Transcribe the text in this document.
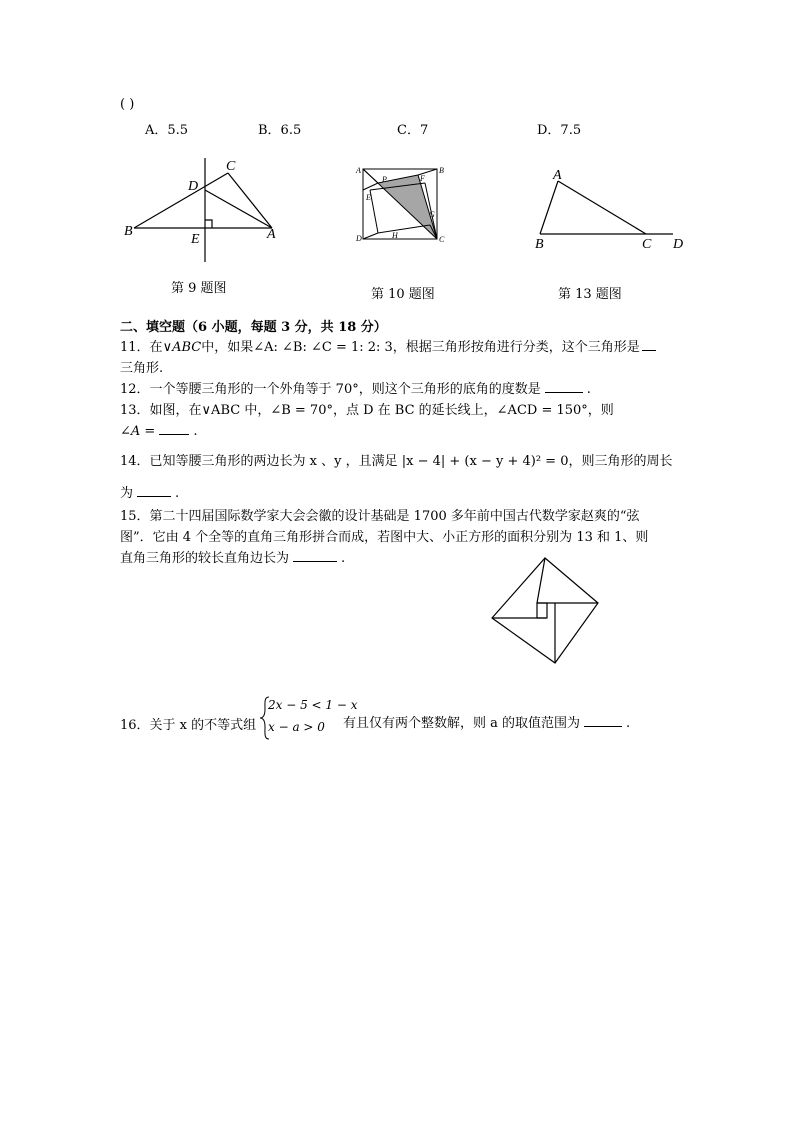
( )
A．5.5	B．6.5	C．7	D．7.5
C
D
B
E	A
第 9 题图
A	B
P	F
E
G
D	H	C
第 10 题图
A
B	C D
第 13 题图
二、填空题（6 小题，每题 3 分，共 18 分）
11．在∨ABC中，如果∠A: ∠B: ∠C = 1: 2: 3，根据三角形按角进行分类，这个三角形是
三角形.
12．一个等腰三角形的一个外角等于 70°，则这个三角形的底角的度数是	.
13．如图，在∨ABC 中，∠B = 70°，点 D 在 BC 的延长线上，∠ACD = 150°，则
∠A =	.
14．已知等腰三角形的两边长为 x 、y ，且满足 |x − 4| + (x − y + 4)² = 0，则三角形的周长
为	.
15．第二十四届国际数学家大会会徽的设计基础是 1700 多年前中国古代数学家赵爽的“弦
图”．它由 4 个全等的直角三角形拼合而成，若图中大、小正方形的面积分别为 13 和 1、则
直角三角形的较长直角边长为	.
16．关于 x 的不等式组
2x − 5 < 1 − x
x − a > 0 有且仅有两个整数解，则 a 的取值范围为	.
